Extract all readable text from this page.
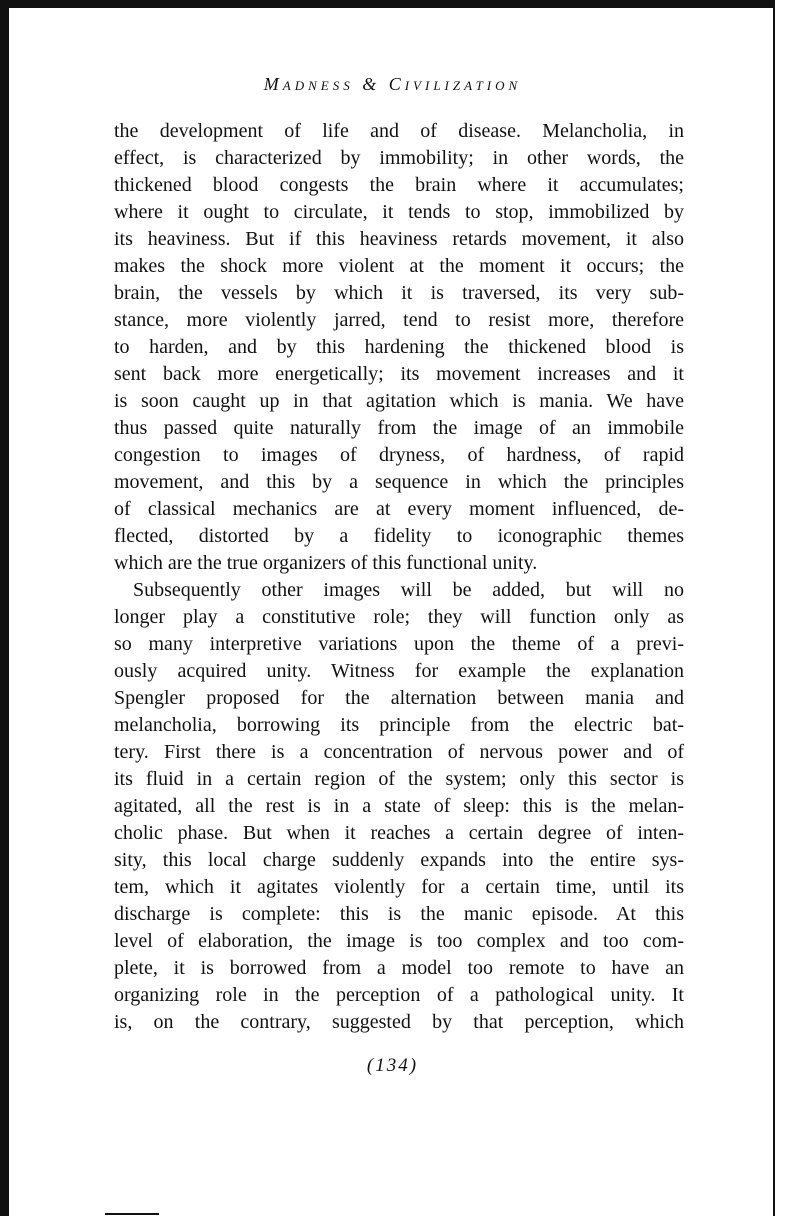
Madness & Civilization
the development of life and of disease. Melancholia, in
effect, is characterized by immobility; in other words, the
thickened blood congests the brain where it accumulates;
where it ought to circulate, it tends to stop, immobilized by
its heaviness. But if this heaviness retards movement, it also
makes the shock more violent at the moment it occurs; the
brain, the vessels by which it is traversed, its very sub-
stance, more violently jarred, tend to resist more, therefore
to harden, and by this hardening the thickened blood is
sent back more energetically; its movement increases and it
is soon caught up in that agitation which is mania. We have
thus passed quite naturally from the image of an immobile
congestion to images of dryness, of hardness, of rapid
movement, and this by a sequence in which the principles
of classical mechanics are at every moment influenced, de-
flected, distorted by a fidelity to iconographic themes
which are the true organizers of this functional unity.
Subsequently other images will be added, but will no
longer play a constitutive role; they will function only as
so many interpretive variations upon the theme of a previ-
ously acquired unity. Witness for example the explanation
Spengler proposed for the alternation between mania and
melancholia, borrowing its principle from the electric bat-
tery. First there is a concentration of nervous power and of
its fluid in a certain region of the system; only this sector is
agitated, all the rest is in a state of sleep: this is the melan-
cholic phase. But when it reaches a certain degree of inten-
sity, this local charge suddenly expands into the entire sys-
tem, which it agitates violently for a certain time, until its
discharge is complete: this is the manic episode. At this
level of elaboration, the image is too complex and too com-
plete, it is borrowed from a model too remote to have an
organizing role in the perception of a pathological unity. It
is, on the contrary, suggested by that perception, which
(134)
